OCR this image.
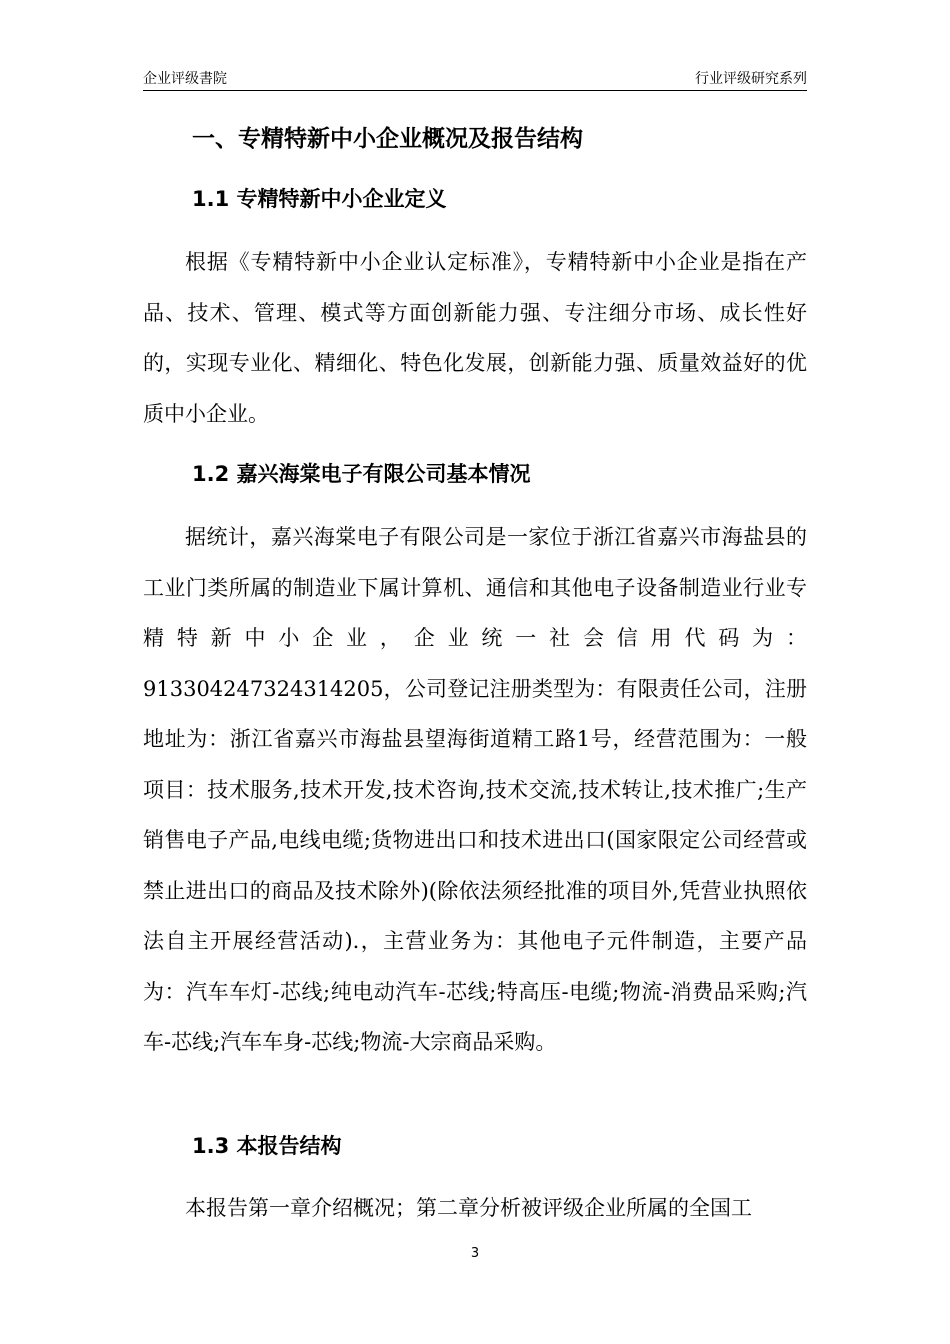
企业评级書院	行业评级研究系列
一、专精特新中小企业概况及报告结构
1.1 专精特新中小企业定义

根据《专精特新中小企业认定标准》，专精特新中小企业是指在产品、技术、管理、模式等方面创新能力强、专注细分市场、成长性好的，实现专业化、精细化、特色化发展，创新能力强、质量效益好的优质中小企业。

1.2 嘉兴海棠电子有限公司基本情况

据统计，嘉兴海棠电子有限公司是一家位于浙江省嘉兴市海盐县的工业门类所属的制造业下属计算机、通信和其他电子设备制造业行业专精特新中小企业，企业统一社会信用代码为：913304247324314205，公司登记注册类型为：有限责任公司，注册地址为：浙江省嘉兴市海盐县望海街道精工路1号，经营范围为：一般项目：技术服务,技术开发,技术咨询,技术交流,技术转让,技术推广;生产销售电子产品,电线电缆;货物进出口和技术进出口(国家限定公司经营或禁止进出口的商品及技术除外)(除依法须经批准的项目外,凭营业执照依法自主开展经营活动).，主营业务为：其他电子元件制造，主要产品为：汽车车灯-芯线;纯电动汽车-芯线;特高压-电缆;物流-消费品采购;汽车-芯线;汽车车身-芯线;物流-大宗商品采购。

1.3 本报告结构

本报告第一章介绍概况；第二章分析被评级企业所属的全国工

3
